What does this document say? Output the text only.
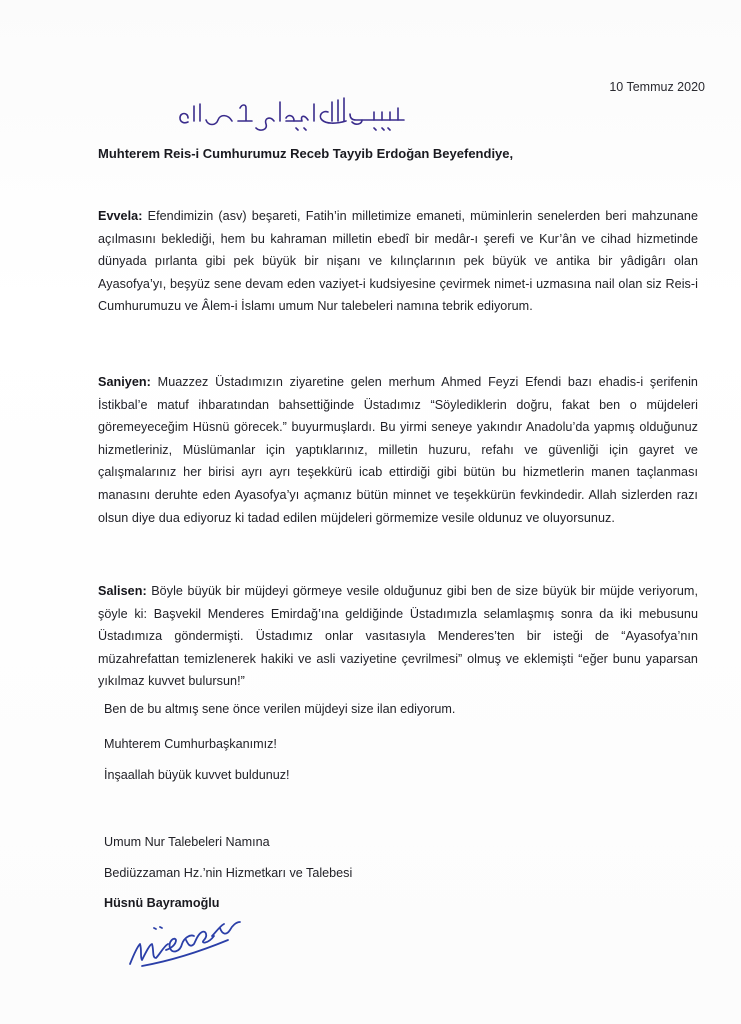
10 Temmuz 2020
Muhterem Reis-i Cumhurumuz Receb Tayyib Erdoğan Beyefendiye,
Evvela: Efendimizin (asv) beşareti, Fatih’in milletimize emaneti, müminlerin senelerden beri mahzunane açılmasını beklediği, hem bu kahraman milletin ebedî bir medâr-ı şerefi ve Kur’ân ve cihad hizmetinde dünyada pırlanta gibi pek büyük bir nişanı ve kılınçlarının pek büyük ve antika bir yâdigârı olan Ayasofya’yı, beşyüz sene devam eden vaziyet-i kudsiyesine çevirmek nimet-i uzmasına nail olan siz Reis-i Cumhurumuzu ve Âlem-i İslamı umum Nur talebeleri namına tebrik ediyorum.
Saniyen: Muazzez Üstadımızın ziyaretine gelen merhum Ahmed Feyzi Efendi bazı ehadis-i şerifenin İstikbal’e matuf ihbaratından bahsettiğinde Üstadımız “Söylediklerin doğru, fakat ben o müjdeleri göremeyeceğim Hüsnü görecek.” buyurmuşlardı. Bu yirmi seneye yakındır Anadolu’da yapmış olduğunuz hizmetleriniz, Müslümanlar için yaptıklarınız, milletin huzuru, refahı ve güvenliği için gayret ve çalışmalarınız her birisi ayrı ayrı teşekkürü icab ettirdiği gibi bütün bu hizmetlerin manen taçlanması manasını deruhte eden Ayasofya’yı açmanız bütün minnet ve teşekkürün fevkindedir. Allah sizlerden razı olsun diye dua ediyoruz ki tadad edilen müjdeleri görmemize vesile oldunuz ve oluyorsunuz.
Salisen: Böyle büyük bir müjdeyi görmeye vesile olduğunuz gibi ben de size büyük bir müjde veriyorum, şöyle ki: Başvekil Menderes Emirdağ’ına geldiğinde Üstadımızla selamlaşmış sonra da iki mebusunu Üstadımıza göndermişti. Üstadımız onlar vasıtasıyla Menderes’ten bir isteği de “Ayasofya’nın müzahrefattan temizlenerek hakiki ve asli vaziyetine çevrilmesi” olmuş ve eklemişti “eğer bunu yaparsan yıkılmaz kuvvet bulursun!”
Ben de bu altmış sene önce verilen müjdeyi size ilan ediyorum.
Muhterem Cumhurbaşkanımız!
İnşaallah büyük kuvvet buldunuz!
Umum Nur Talebeleri Namına
Bediüzzaman Hz.’nin Hizmetkarı ve Talebesi
Hüsnü Bayramoğlu
